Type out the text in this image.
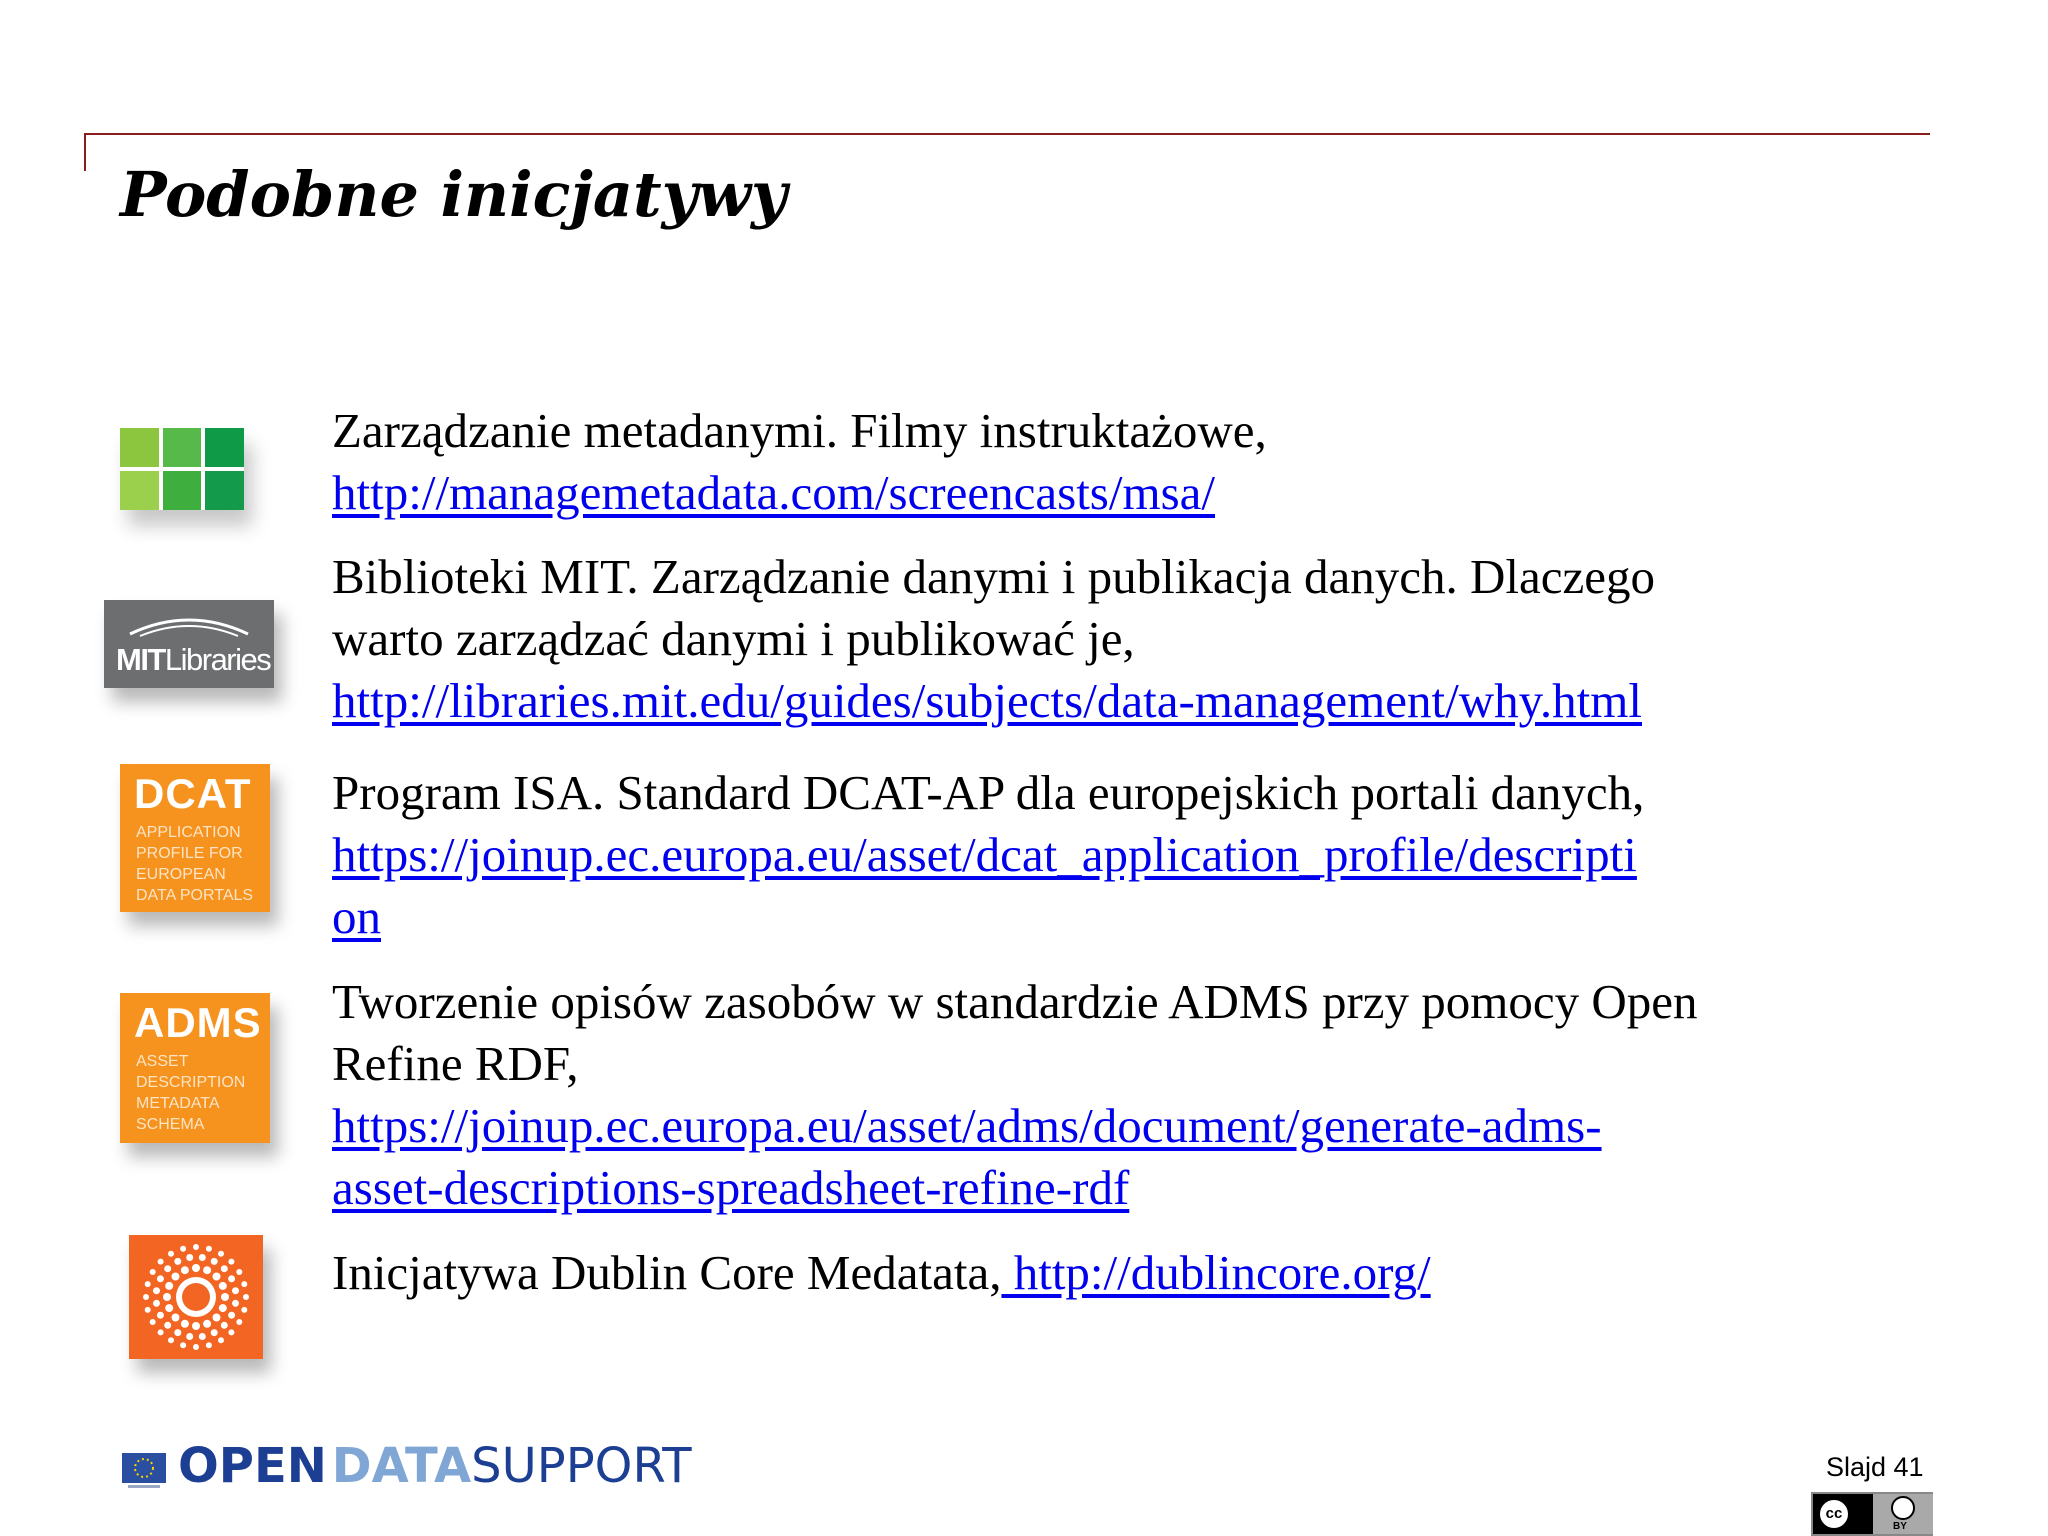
Podobne inicjatywy
Zarządzanie metadanymi. Filmy instruktażowe,
http://managemetadata.com/screencasts/msa/
MITLibraries
Biblioteki MIT. Zarządzanie danymi i publikacja danych. Dlaczego
warto zarządzać danymi i publikować je,
http://libraries.mit.edu/guides/subjects/data-management/why.html
DCAT
APPLICATION
PROFILE FOR
EUROPEAN
DATA PORTALS
Program ISA. Standard DCAT-AP dla europejskich portali danych,
https://joinup.ec.europa.eu/asset/dcat_application_profile/descripti
on
ADMS
ASSET
DESCRIPTION
METADATA
SCHEMA
Tworzenie opisów zasobów w standardzie ADMS przy pomocy Open
Refine RDF,
https://joinup.ec.europa.eu/asset/adms/document/generate-adms-
asset-descriptions-spreadsheet-refine-rdf
Inicjatywa Dublin Core Medatata, http://dublincore.org/
OPEN DATASUPPORT	Slajd 41
cc
BY
